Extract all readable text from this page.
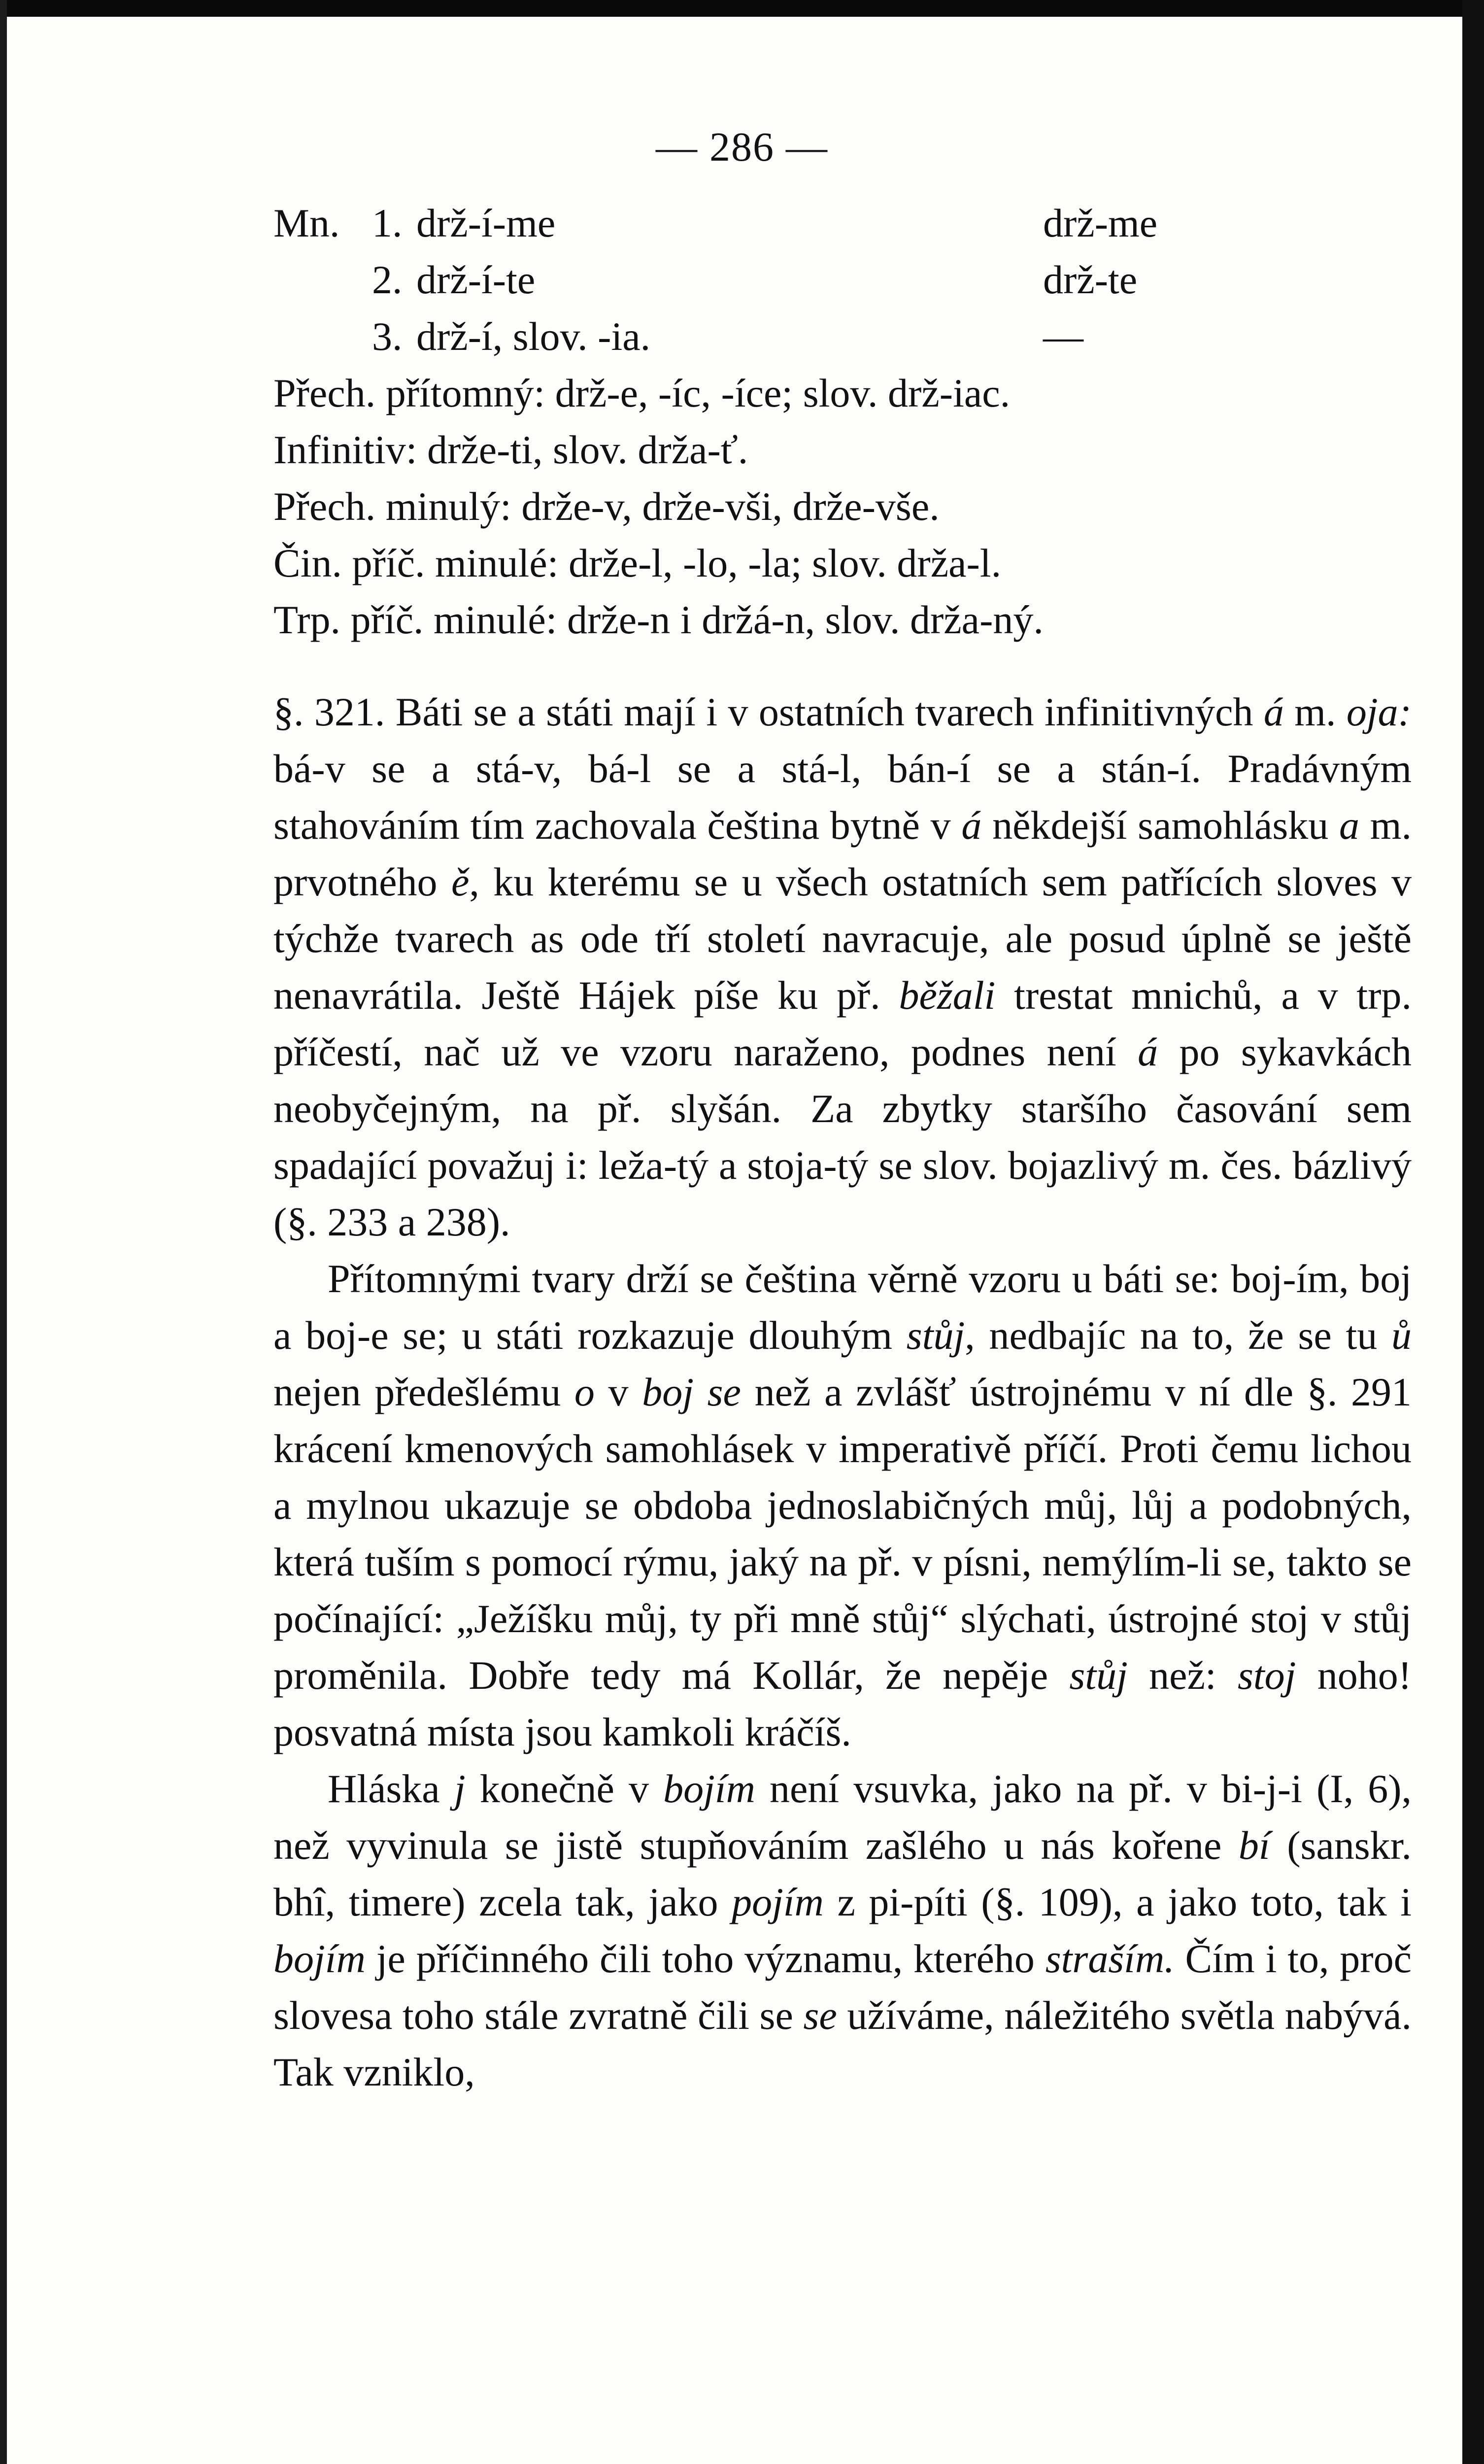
— 286 —
Mn. 1. drž-í-me	drž-me
2. drž-í-te	drž-te
3. drž-í, slov. -ia.	—
Přech. přítomný: drž-e, -íc, -íce; slov. drž-iac.
Infinitiv: drže-ti, slov. drža-ť.
Přech. minulý: drže-v, drže-vši, drže-vše.
Čin. příč. minulé: drže-l, -lo, -la; slov. drža-l.
Trp. příč. minulé: drže-n i držá-n, slov. drža-ný.

§. 321. Báti se a státi mají i v ostatních tvarech infinitivných á m. oja: bá-v se a stá-v, bá-l se a stá-l, bán-í se a stán-í. Pradávným stahováním tím zachovala čeština bytně v á někdejší samohlásku a m. prvotného ě, ku kterému se u všech ostatních sem patřících sloves v týchže tvarech as ode tří století navracuje, ale posud úplně se ještě nenavrátila. Ještě Hájek píše ku př. běžali trestat mnichů, a v trp. příčestí, nač už ve vzoru naraženo, podnes není á po sykavkách neobyčejným, na př. slyšán. Za zbytky staršího časování sem spadající považuj i: leža-tý a stoja-tý se slov. bojazlivý m. čes. bázlivý (§. 233 a 238).

Přítomnými tvary drží se čeština věrně vzoru u báti se: boj-ím, boj a boj-e se; u státi rozkazuje dlouhým stůj, nedbajíc na to, že se tu ů nejen předešlému o v boj se než a zvlášť ústrojnému v ní dle §. 291 krácení kmenových samohlásek v imperativě příčí. Proti čemu lichou a mylnou ukazuje se obdoba jednoslabičných můj, lůj a podobných, která tuším s pomocí rýmu, jaký na př. v písni, nemýlím-li se, takto se počínající: „Ježíšku můj, ty při mně stůj“ slýchati, ústrojné stoj v stůj proměnila. Dobře tedy má Kollár, že nepěje stůj než: stoj noho! posvatná místa jsou kamkoli kráčíš.

Hláska j konečně v bojím není vsuvka, jako na př. v bi-j-i (I, 6), než vyvinula se jistě stupňováním zašlého u nás kořene bí (sanskr. bhî, timere) zcela tak, jako pojím z pi-píti (§. 109), a jako toto, tak i bojím je příčinného čili toho významu, kterého straším. Čím i to, proč slovesa toho stále zvratně čili se se užíváme, náležitého světla nabývá. Tak vzniklo,
